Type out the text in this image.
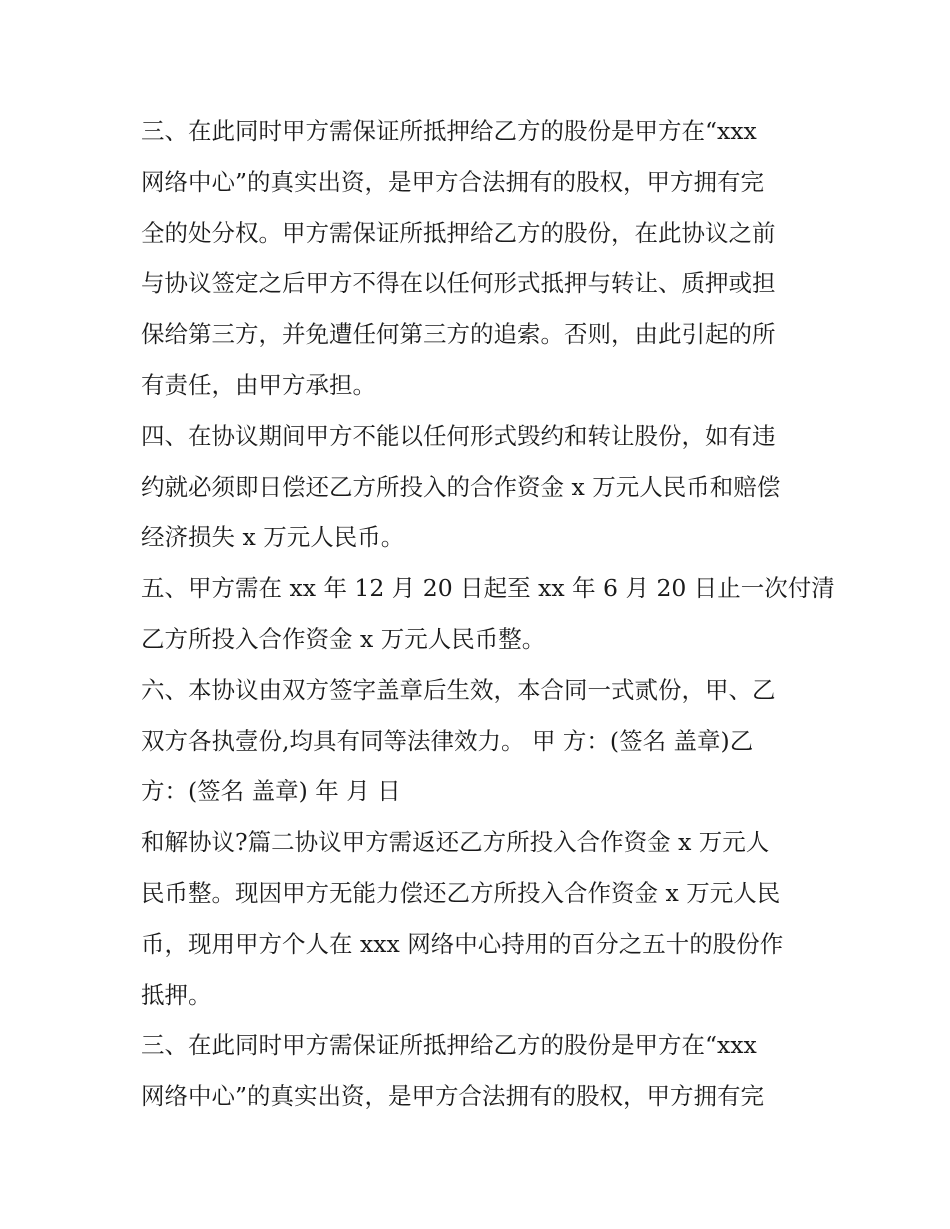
三、在此同时甲方需保证所抵押给乙方的股份是甲方在“xxx
网络中心”的真实出资，是甲方合法拥有的股权，甲方拥有完
全的处分权。甲方需保证所抵押给乙方的股份，在此协议之前
与协议签定之后甲方不得在以任何形式抵押与转让、质押或担
保给第三方，并免遭任何第三方的追索。否则，由此引起的所
有责任，由甲方承担。
四、在协议期间甲方不能以任何形式毁约和转让股份，如有违
约就必须即日偿还乙方所投入的合作资金 x 万元人民币和赔偿
经济损失 x 万元人民币。
五、甲方需在 xx 年 12 月 20 日起至 xx 年 6 月 20 日止一次付清
乙方所投入合作资金 x 万元人民币整。
六、本协议由双方签字盖章后生效，本合同一式贰份，甲、乙
双方各执壹份,均具有同等法律效力。 甲 方：(签名 盖章)乙
方：(签名 盖章) 年 月 日
和解协议?篇二协议甲方需返还乙方所投入合作资金 x 万元人
民币整。现因甲方无能力偿还乙方所投入合作资金 x 万元人民
币，现用甲方个人在 xxx 网络中心持用的百分之五十的股份作
抵押。
三、在此同时甲方需保证所抵押给乙方的股份是甲方在“xxx
网络中心”的真实出资，是甲方合法拥有的股权，甲方拥有完
